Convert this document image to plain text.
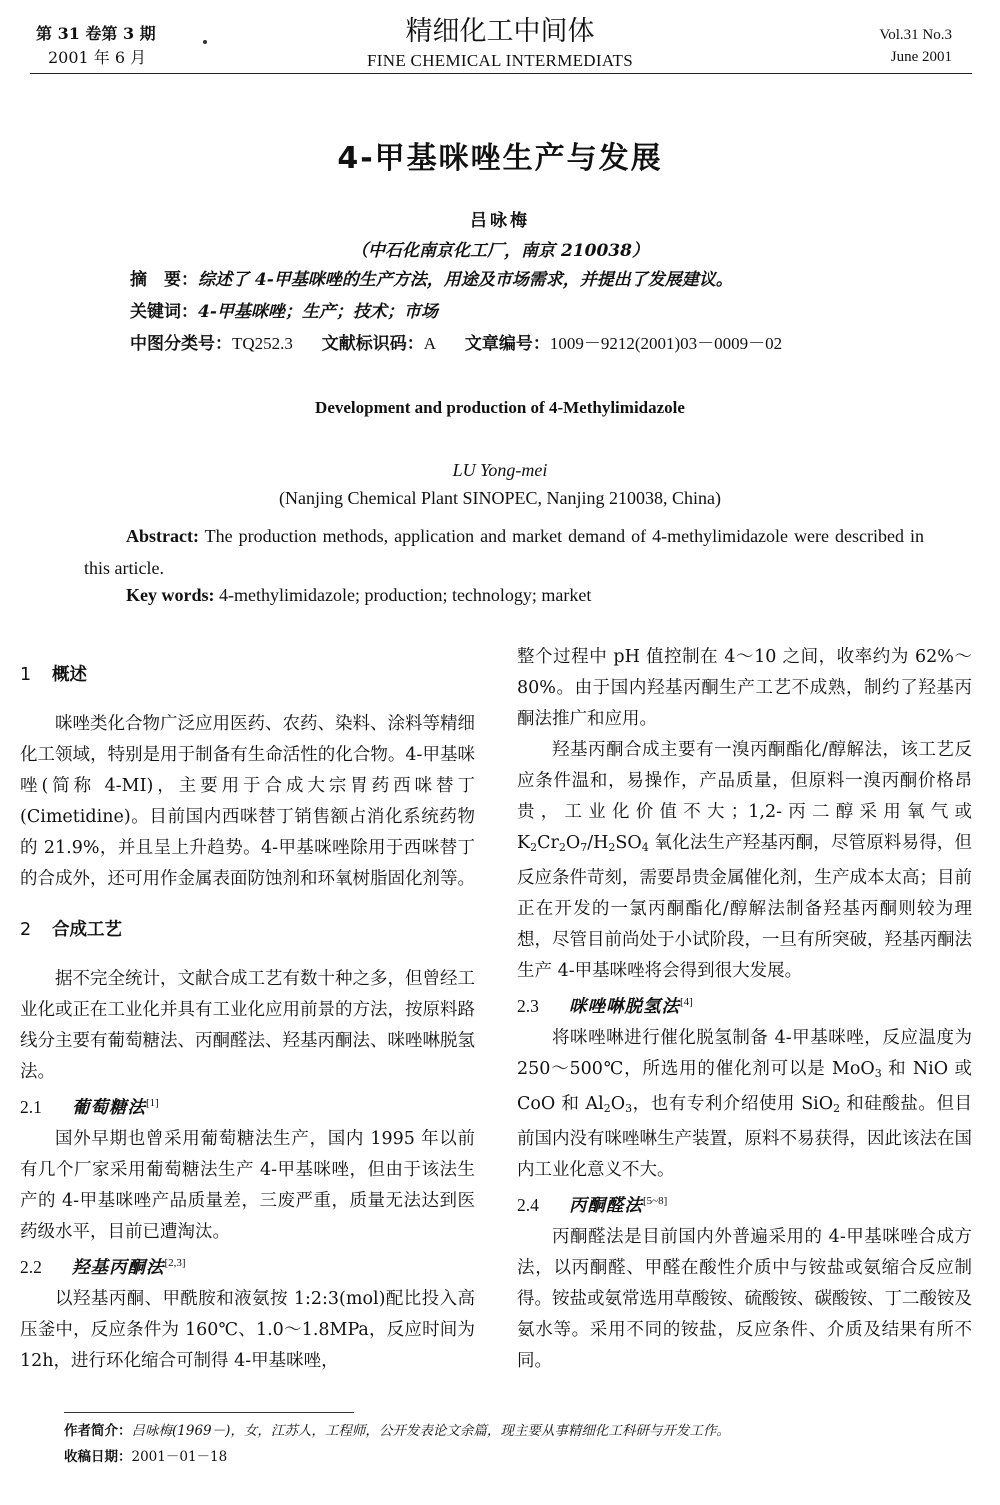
第 31 卷第 3 期
2001 年 6 月
精细化工中间体
FINE CHEMICAL INTERMEDIATS
Vol.31 No.3
June 2001
4-甲基咪唑生产与发展
吕咏梅
（中石化南京化工厂，南京 210038）
摘　要：综述了 4-甲基咪唑的生产方法，用途及市场需求，并提出了发展建议。
关键词：4-甲基咪唑；生产；技术；市场
中图分类号：TQ252.3 文献标识码：A 文章编号：1009－9212(2001)03－0009－02
Development and production of 4-Methylimidazole
LU Yong-mei
(Nanjing Chemical Plant SINOPEC, Nanjing 210038, China)
Abstract: The production methods, application and market demand of 4-methylimidazole were described in this article.
Key words: 4-methylimidazole; production; technology; market
1 概述

咪唑类化合物广泛应用医药、农药、染料、涂料等精细化工领域，特别是用于制备有生命活性的化合物。4-甲基咪唑(简称 4-MI)，主要用于合成大宗胃药西咪替丁(Cimetidine)。目前国内西咪替丁销售额占消化系统药物的 21.9%，并且呈上升趋势。4-甲基咪唑除用于西咪替丁的合成外，还可用作金属表面防蚀剂和环氧树脂固化剂等。

2 合成工艺

据不完全统计，文献合成工艺有数十种之多，但曾经工业化或正在工业化并具有工业化应用前景的方法，按原料路线分主要有葡萄糖法、丙酮醛法、羟基丙酮法、咪唑啉脱氢法。

2.1 葡萄糖法[1]

国外早期也曾采用葡萄糖法生产，国内 1995 年以前有几个厂家采用葡萄糖法生产 4-甲基咪唑，但由于该法生产的 4-甲基咪唑产品质量差，三废严重，质量无法达到医药级水平，目前已遭淘汰。

2.2 羟基丙酮法[2,3]

以羟基丙酮、甲酰胺和液氨按 1:2:3(mol)配比投入高压釜中，反应条件为 160℃、1.0～1.8MPa，反应时间为 12h，进行环化缩合可制得 4-甲基咪唑，

整个过程中 pH 值控制在 4～10 之间，收率约为 62%～80%。由于国内羟基丙酮生产工艺不成熟，制约了羟基丙酮法推广和应用。

羟基丙酮合成主要有一溴丙酮酯化/醇解法，该工艺反应条件温和，易操作，产品质量，但原料一溴丙酮价格昂贵，工业化价值不大；1,2-丙二醇采用氧气或 $K_2Cr_2O_7/H_2SO_4$ 氧化法生产羟基丙酮，尽管原料易得，但反应条件苛刻，需要昂贵金属催化剂，生产成本太高；目前正在开发的一氯丙酮酯化/醇解法制备羟基丙酮则较为理想，尽管目前尚处于小试阶段，一旦有所突破，羟基丙酮法生产 4-甲基咪唑将会得到很大发展。

2.3 咪唑啉脱氢法[4]

将咪唑啉进行催化脱氢制备 4-甲基咪唑，反应温度为 250～500℃，所选用的催化剂可以是 MoO$_3$ 和 NiO 或 CoO 和 $Al_2O_3$，也有专利介绍使用 SiO$_2$ 和硅酸盐。但目前国内没有咪唑啉生产装置，原料不易获得，因此该法在国内工业化意义不大。

2.4 丙酮醛法[5~8]

丙酮醛法是目前国内外普遍采用的 4-甲基咪唑合成方法，以丙酮醛、甲醛在酸性介质中与铵盐或氨缩合反应制得。铵盐或氨常选用草酸铵、硫酸铵、碳酸铵、丁二酸铵及氨水等。采用不同的铵盐，反应条件、介质及结果有所不同。

作者简介：吕咏梅(1969－)，女，江苏人，工程师，公开发表论文余篇，现主要从事精细化工科研与开发工作。
收稿日期：2001－01－18
